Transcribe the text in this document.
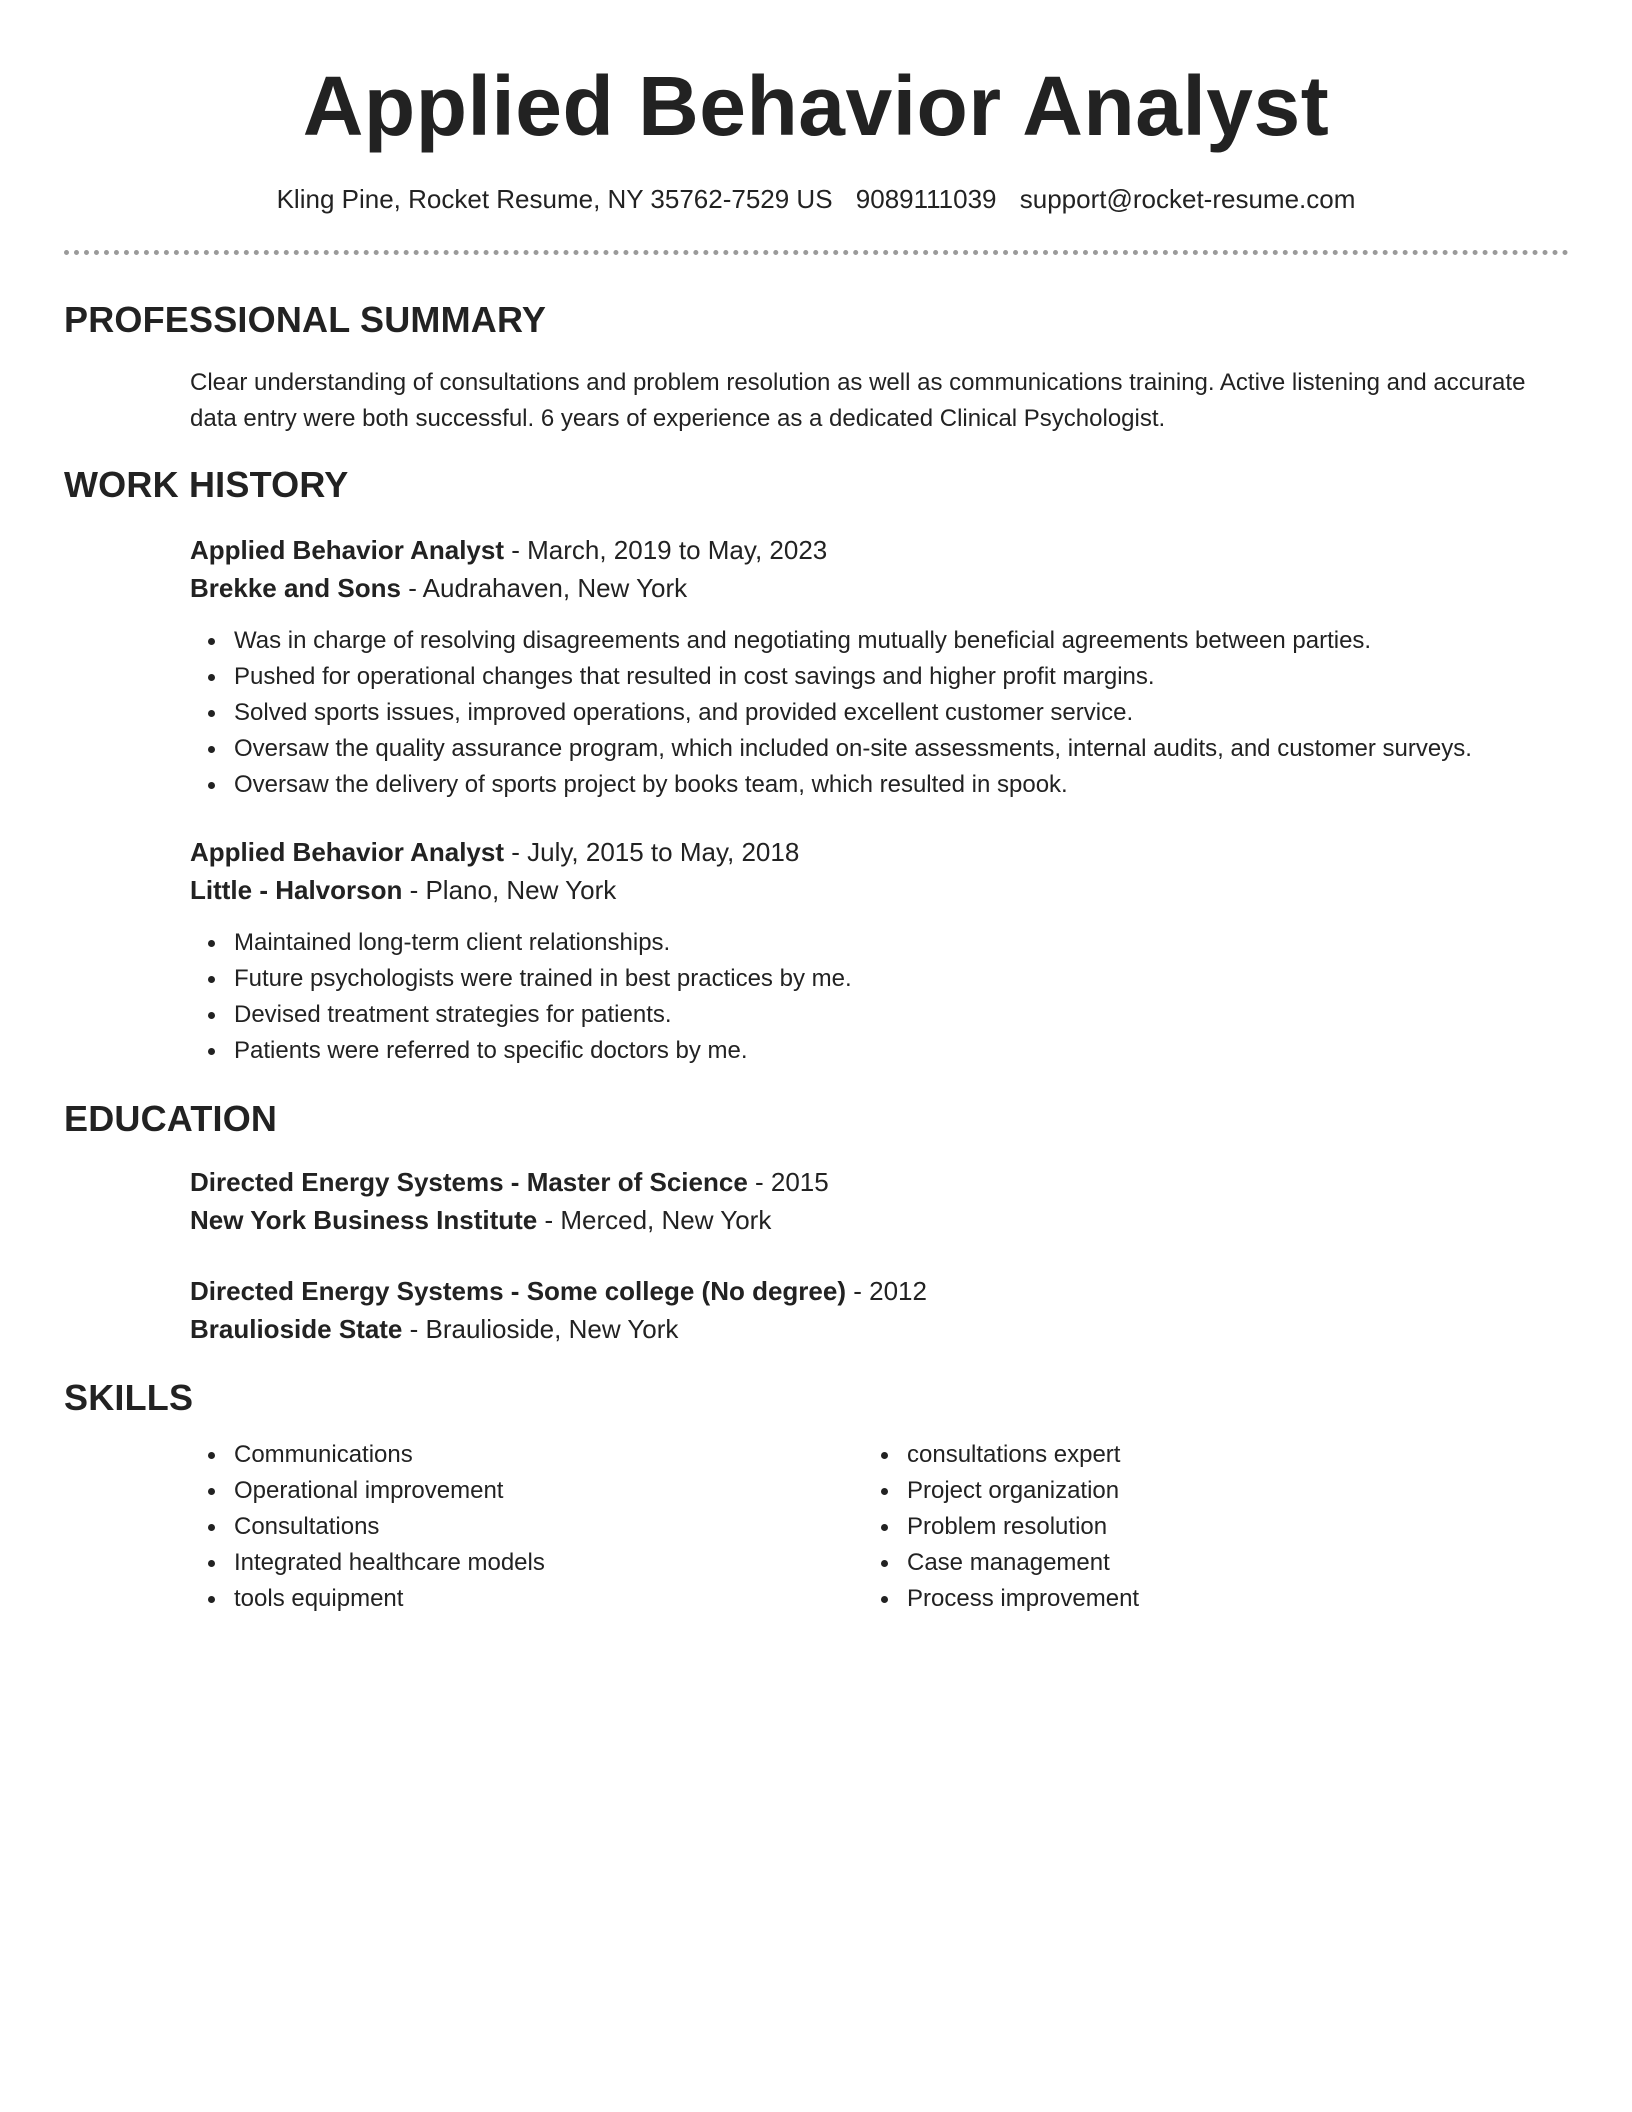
Applied Behavior Analyst
Kling Pine, Rocket Resume, NY 35762-7529 US 9089111039 support@rocket-resume.com
PROFESSIONAL SUMMARY

Clear understanding of consultations and problem resolution as well as communications training. Active listening and accurate data entry were both successful. 6 years of experience as a dedicated Clinical Psychologist.

WORK HISTORY

Applied Behavior Analyst - March, 2019 to May, 2023

Brekke and Sons - Audrahaven, New York

Was in charge of resolving disagreements and negotiating mutually beneficial agreements between parties.
Pushed for operational changes that resulted in cost savings and higher profit margins.
Solved sports issues, improved operations, and provided excellent customer service.
Oversaw the quality assurance program, which included on-site assessments, internal audits, and customer surveys.
Oversaw the delivery of sports project by books team, which resulted in spook.

Applied Behavior Analyst - July, 2015 to May, 2018

Little - Halvorson - Plano, New York

Maintained long-term client relationships.
Future psychologists were trained in best practices by me.
Devised treatment strategies for patients.
Patients were referred to specific doctors by me.
EDUCATION

Directed Energy Systems - Master of Science - 2015

New York Business Institute - Merced, New York

Directed Energy Systems - Some college (No degree) - 2012

Braulioside State - Braulioside, New York

SKILLS
Communications
Operational improvement
Consultations
Integrated healthcare models
tools equipment
consultations expert
Project organization
Problem resolution
Case management
Process improvement
